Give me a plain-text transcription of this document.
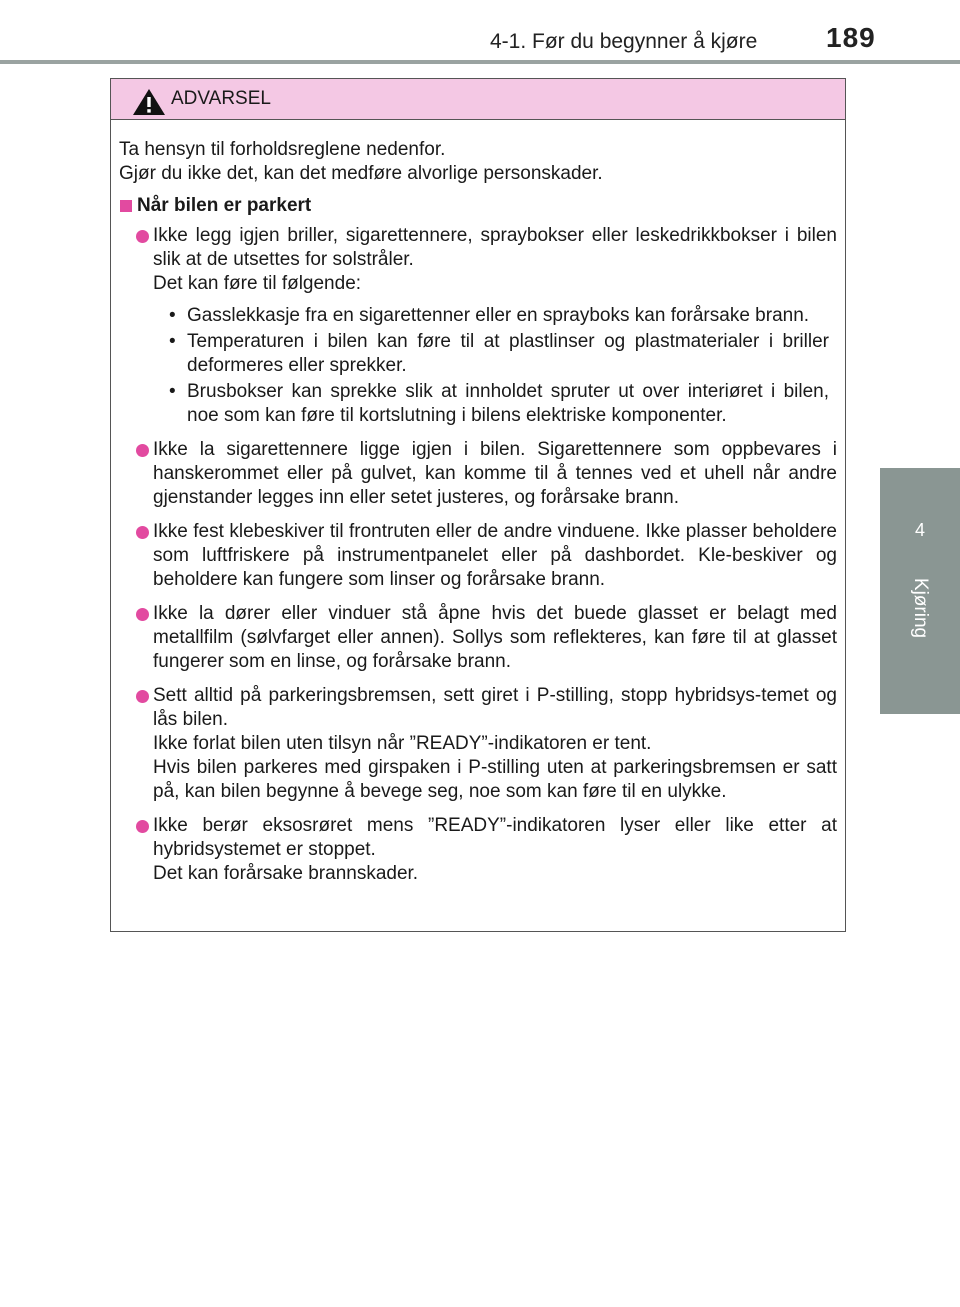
4-1. Før du begynner å kjøre 189
4
Kjøring
ADVARSEL

Ta hensyn til forholdsreglene nedenfor.
Gjør du ikke det, kan det medføre alvorlige personskader.

Når bilen er parkert
Ikke legg igjen briller, sigarettennere, spraybokser eller leskedrikkbokser i bilen slik at de utsettes for solstråler.
Det kan føre til følgende:
• Gasslekkasje fra en sigarettenner eller en sprayboks kan forårsake brann.
• Temperaturen i bilen kan føre til at plastlinser og plastmaterialer i briller deformeres eller sprekker.
• Brusbokser kan sprekke slik at innholdet spruter ut over interiøret i bilen, noe som kan føre til kortslutning i bilens elektriske komponenter.
Ikke la sigarettennere ligge igjen i bilen. Sigarettennere som oppbevares i hanskerommet eller på gulvet, kan komme til å tennes ved et uhell når andre gjenstander legges inn eller setet justeres, og forårsake brann.
Ikke fest klebeskiver til frontruten eller de andre vinduene. Ikke plasser beholdere som luftfriskere på instrumentpanelet eller på dashbordet. Kle-beskiver og beholdere kan fungere som linser og forårsake brann.
Ikke la dører eller vinduer stå åpne hvis det buede glasset er belagt med metallfilm (sølvfarget eller annen). Sollys som reflekteres, kan føre til at glasset fungerer som en linse, og forårsake brann.
Sett alltid på parkeringsbremsen, sett giret i P-stilling, stopp hybridsys-temet og lås bilen.
Ikke forlat bilen uten tilsyn når ”READY”-indikatoren er tent.
Hvis bilen parkeres med girspaken i P-stilling uten at parkeringsbremsen er satt på, kan bilen begynne å bevege seg, noe som kan føre til en ulykke.
Ikke berør eksosrøret mens ”READY”-indikatoren lyser eller like etter at hybridsystemet er stoppet.
Det kan forårsake brannskader.
